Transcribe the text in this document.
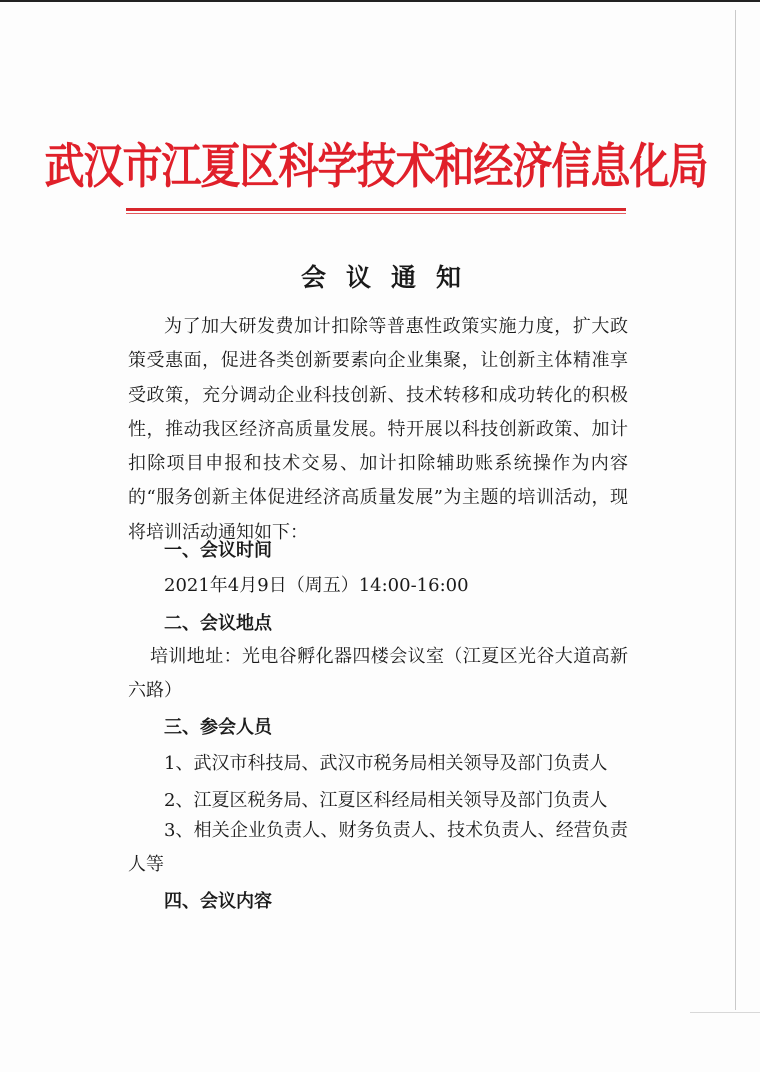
武汉市江夏区科学技术和经济信息化局
会议通知

为了加大研发费加计扣除等普惠性政策实施力度，扩大政策受惠面，促进各类创新要素向企业集聚，让创新主体精准享受政策，充分调动企业科技创新、技术转移和成功转化的积极性，推动我区经济高质量发展。特开展以科技创新政策、加计扣除项目申报和技术交易、加计扣除辅助账系统操作为内容的“服务创新主体促进经济高质量发展”为主题的培训活动，现将培训活动通知如下：

一、会议时间

2021年4月9日（周五）14:00-16:00

二、会议地点

培训地址：光电谷孵化器四楼会议室（江夏区光谷大道高新六路）

三、参会人员

1、武汉市科技局、武汉市税务局相关领导及部门负责人

2、江夏区税务局、江夏区科经局相关领导及部门负责人

3、相关企业负责人、财务负责人、技术负责人、经营负责人等

四、会议内容
